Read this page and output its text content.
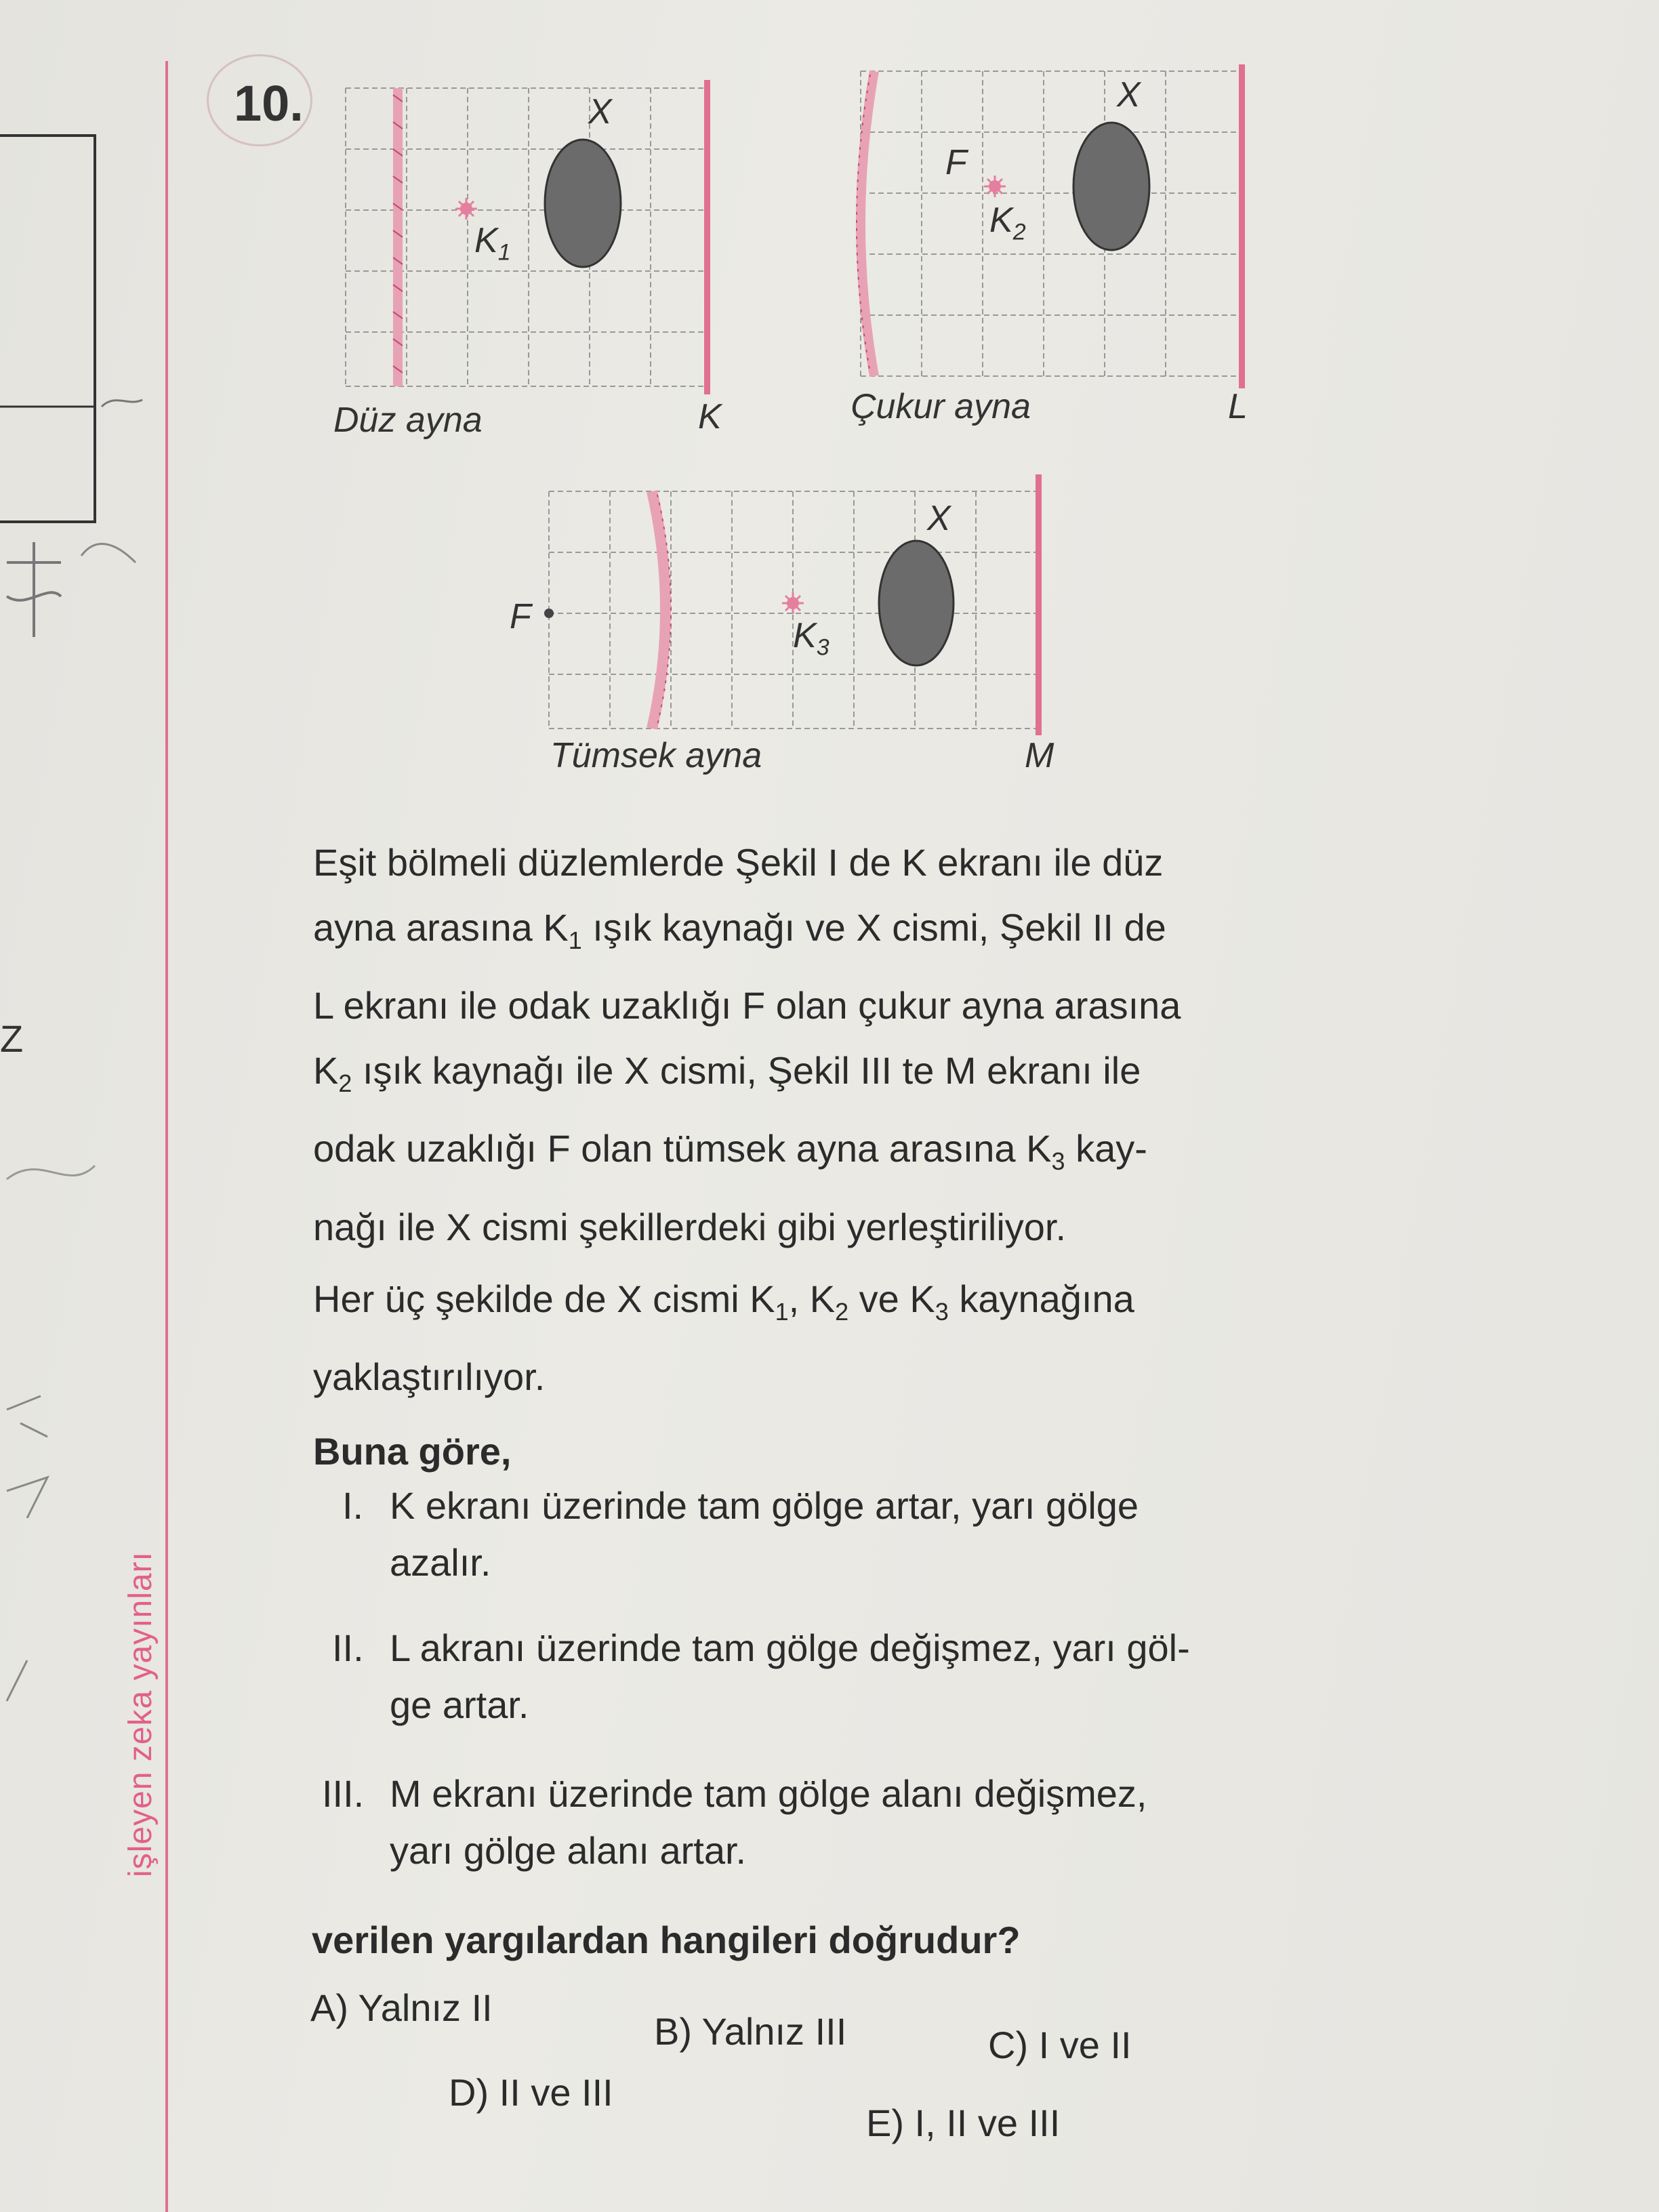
Z
işleyen zeka yayınları
10.	X
$K_1$
Düz ayna	K
X
F
$K_2$
Çukur ayna	L
X
F	$K_3$
Tümsek ayna	M
Eşit bölmeli düzlemlerde Şekil I de K ekranı ile düz
ayna arasına $K_1$ ışık kaynağı ve X cismi, Şekil II de
L ekranı ile odak uzaklığı F olan çukur ayna arasına
$K_2$ ışık kaynağı ile X cismi, Şekil III te M ekranı ile
odak uzaklığı F olan tümsek ayna arasına $K_3$ kay-
nağı ile X cismi şekillerdeki gibi yerleştiriliyor.
Her üç şekilde de X cismi $K_1$, $K_2$ ve $K_3$ kaynağına
yaklaştırılıyor.
Buna göre,
I. K ekranı üzerinde tam gölge artar, yarı gölge
azalır.
II. L akranı üzerinde tam gölge değişmez, yarı göl-
ge artar.
III. M ekranı üzerinde tam gölge alanı değişmez,
yarı gölge alanı artar.
verilen yargılardan hangileri doğrudur?
A) Yalnız II
B) Yalnız III	C) I ve II
D) II ve III
E) I, II ve III
